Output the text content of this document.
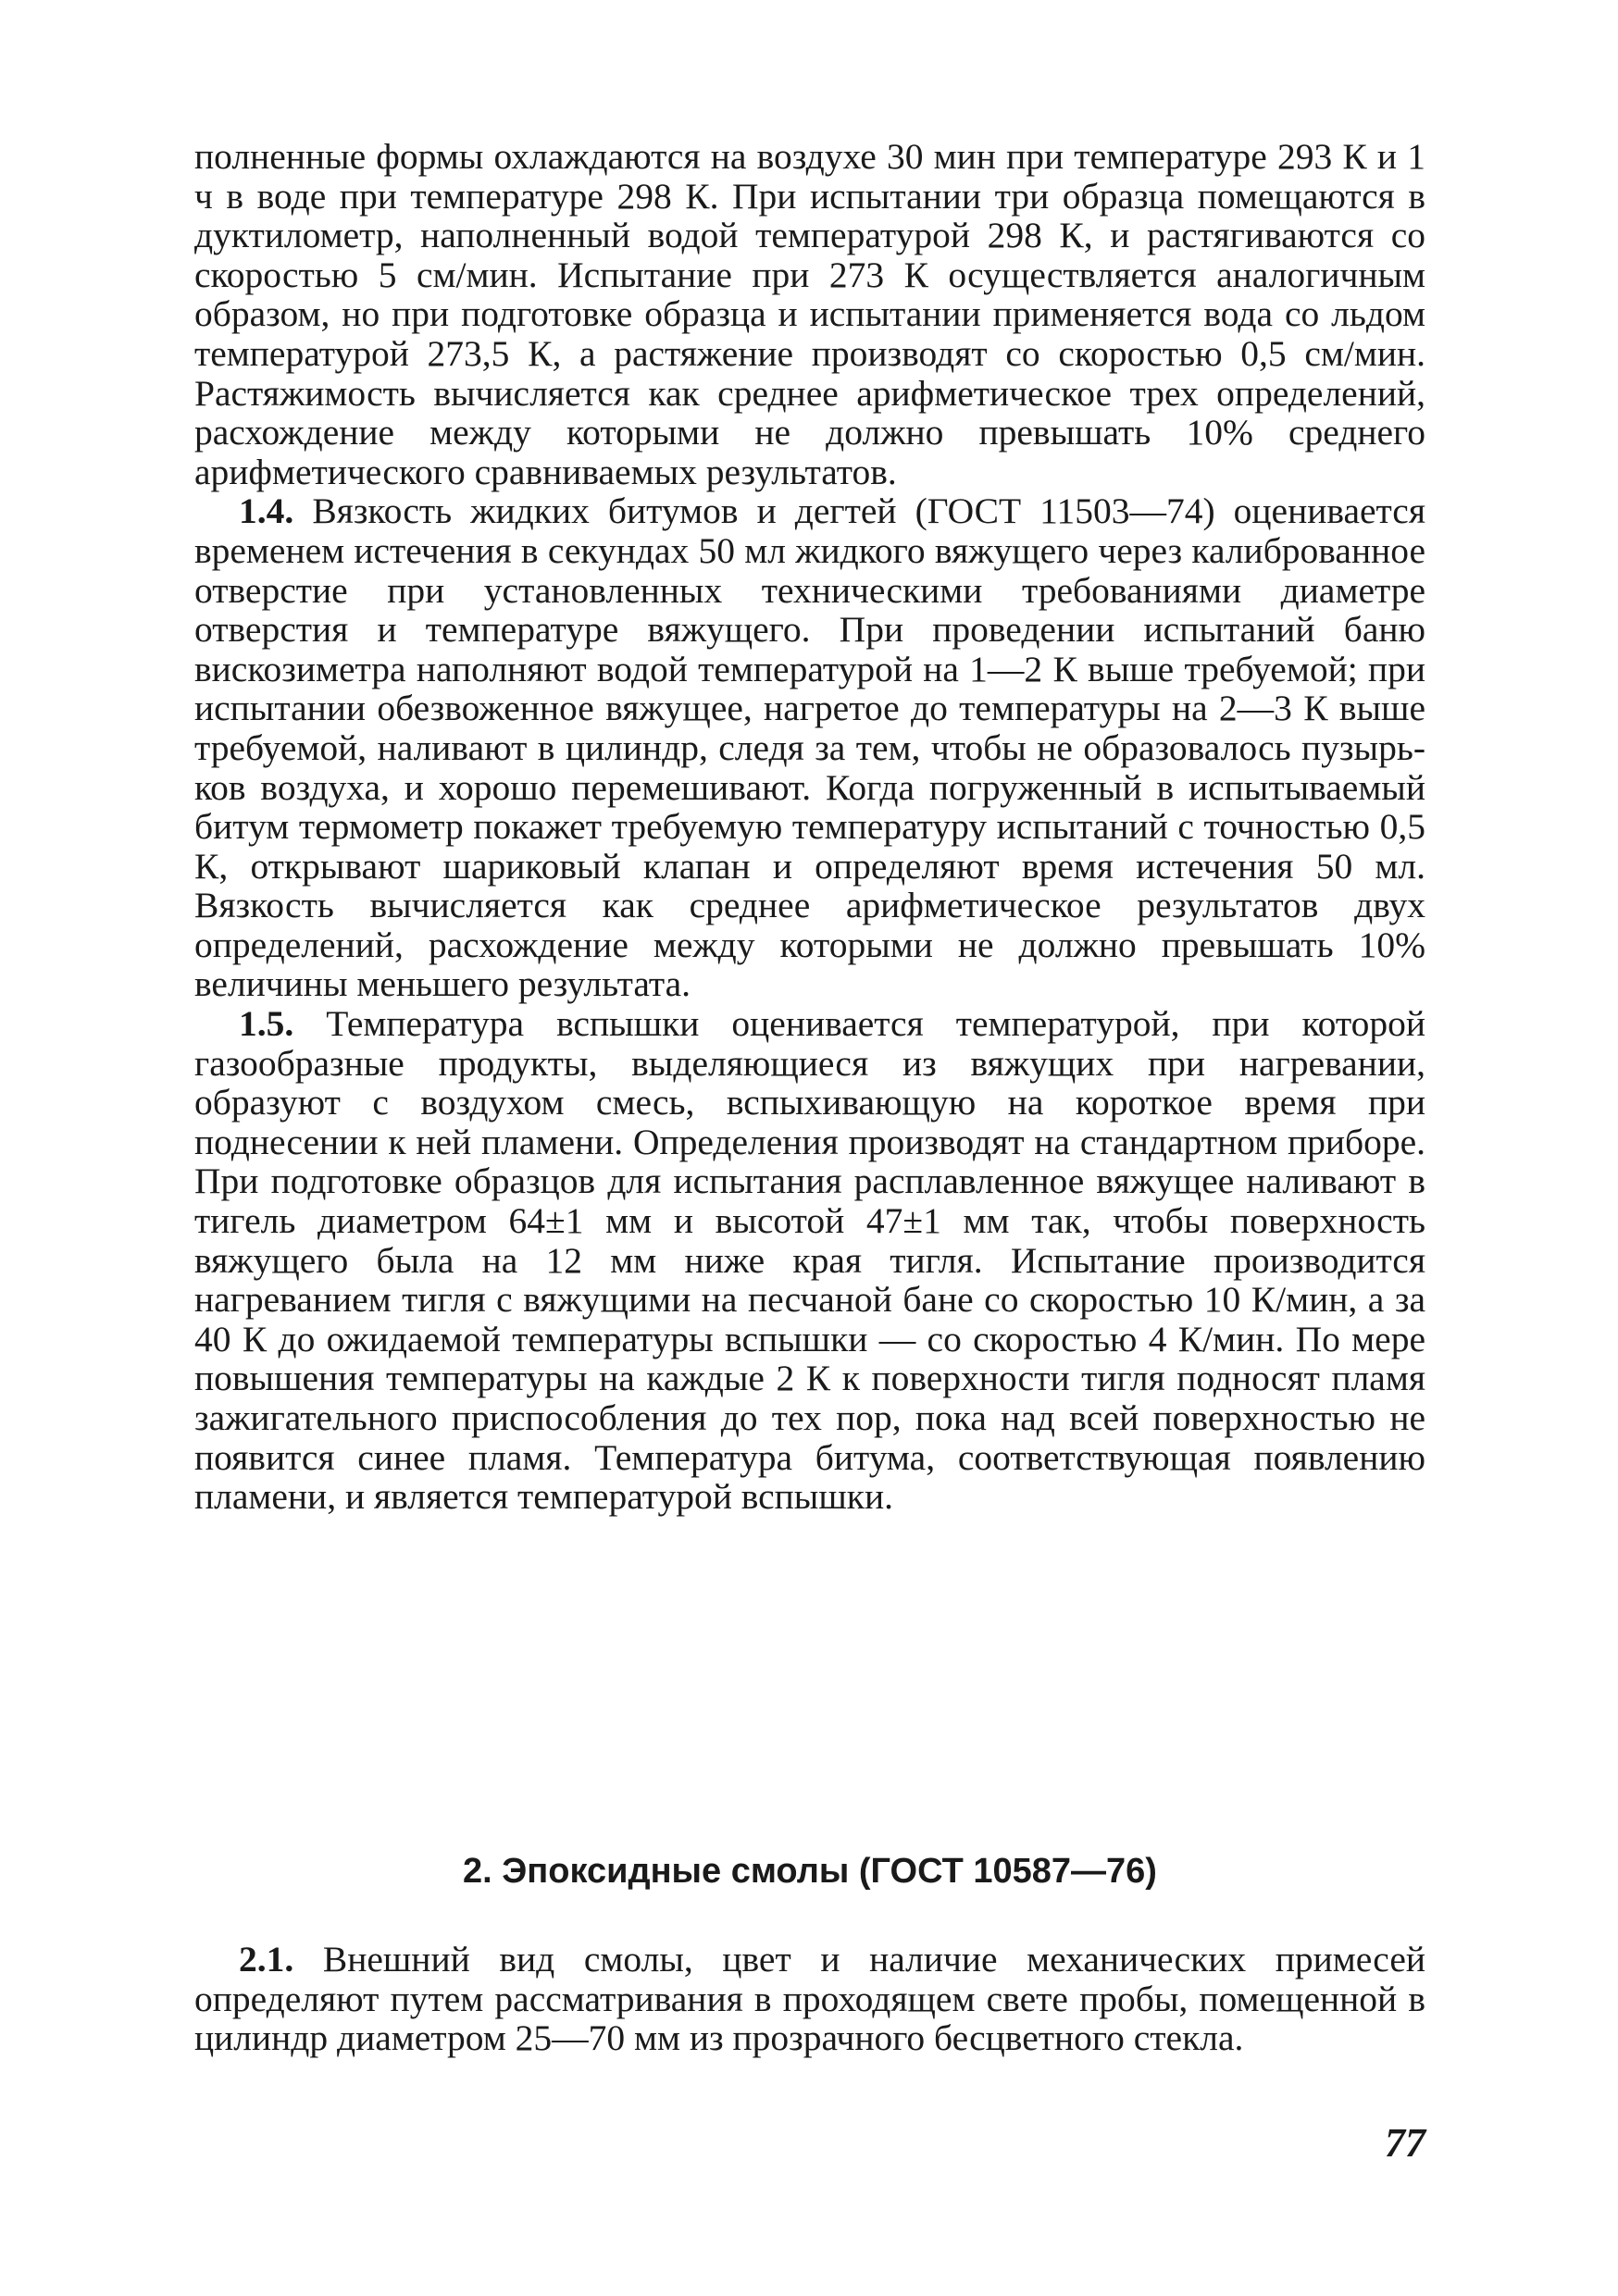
полненные формы охлаждаются на воздухе 30 мин при температуре 293 К и 1 ч в воде при температуре 298 К. При испытании три образца помещаются в дуктилометр, наполненный водой температурой 298 К, и растягиваются со скоростью 5 см/мин. Испытание при 273 К осуществляется аналогичным образом, но при подготовке образца и испытании применяется вода со льдом температурой 273,5 К, а растяжение производят со скоростью 0,5 см/мин. Растяжимость вычисляется как среднее арифметическое трех определений, расхождение между которыми не должно превышать 10% среднего арифметического сравниваемых результатов.

1.4. Вязкость жидких битумов и дегтей (ГОСТ 11503—74) оценивается временем истечения в секундах 50 мл жидкого вяжущего через калиброванное отверстие при установленных техническими требованиями диаметре отверстия и температуре вяжущего. При проведении испытаний баню вискозиметра наполняют водой температурой на 1—2 К выше требуемой; при испытании обезвоженное вяжущее, нагретое до температуры на 2—3 К выше требуемой, наливают в цилиндр, следя за тем, чтобы не образовалось пузырьков воздуха, и хорошо перемешивают. Когда погруженный в испытываемый битум термометр покажет требуемую температуру испытаний с точностью 0,5 К, открывают шариковый клапан и определяют время истечения 50 мл. Вязкость вычисляется как среднее арифметическое результатов двух определений, расхождение между которыми не должно превышать 10% величины меньшего результата.

1.5. Температура вспышки оценивается температурой, при которой газообразные продукты, выделяющиеся из вяжущих при нагревании, образуют с воздухом смесь, вспыхивающую на короткое время при поднесении к ней пламени. Определения производят на стандартном приборе. При подготовке образцов для испытания расплавленное вяжущее наливают в тигель диаметром 64±1 мм и высотой 47±1 мм так, чтобы поверхность вяжущего была на 12 мм ниже края тигля. Испытание производится нагреванием тигля с вяжущими на песчаной бане со скоростью 10 К/мин, а за 40 К до ожидаемой температуры вспышки — со скоростью 4 К/мин. По мере повышения температуры на каждые 2 К к поверхности тигля подносят пламя зажигательного приспособления до тех пор, пока над всей поверхностью не появится синее пламя. Температура битума, соответствующая появлению пламени, и является температурой вспышки.

2. Эпоксидные смолы (ГОСТ 10587—76)

2.1. Внешний вид смолы, цвет и наличие механических примесей определяют путем рассматривания в проходящем свете пробы, помещенной в цилиндр диаметром 25—70 мм из прозрачного бесцветного стекла.

77
